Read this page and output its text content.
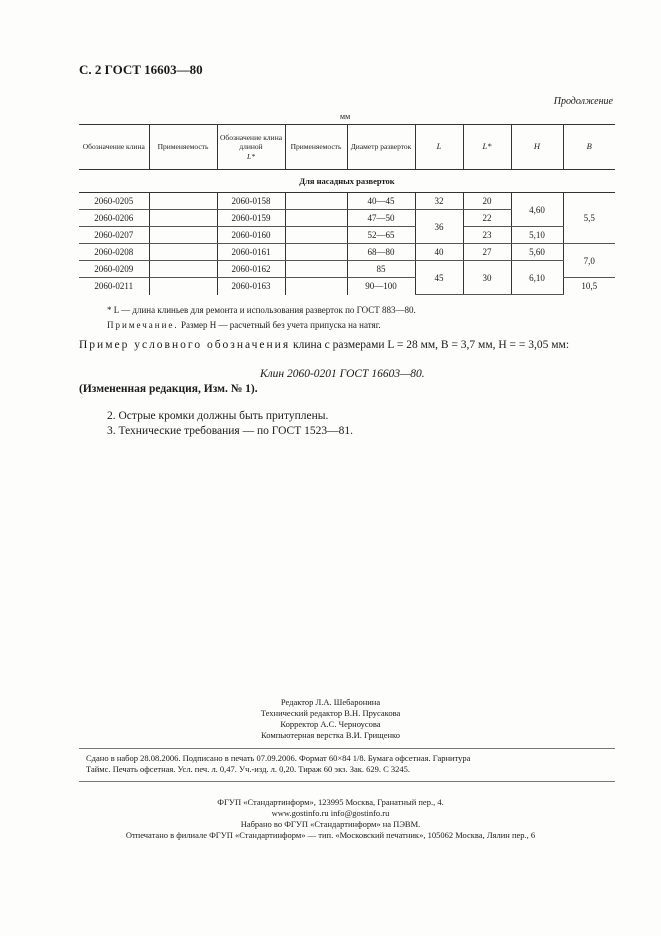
С. 2 ГОСТ 16603—80
Продолжение
мм
Обозначение клина	Применяемость	Обозначение клина длиной
L*	Применяемость	Диаметр разверток	L	L*	H	B
Для насадных разверток								
2060-0205		2060-0158		40—45	32	20	4,60	5,5
2060-0206		2060-0159		47—50	36	22		
2060-0207		2060-0160		52—65		23	5,10	
2060-0208		2060-0161		68—80	40	27	5,60	7,0
2060-0209		2060-0162		85	45	30	6,10	
2060-0211		2060-0163		90—100				10,5
* L — длина клиньев для ремонта и использования разверток по ГОСТ 883—80.
Примечание. Размер H — расчетный без учета припуска на натяг.
Пример условного обозначения клина с размерами L = 28 мм, B = 3,7 мм, H = = 3,05 мм:
Клин 2060-0201 ГОСТ 16603—80.
(Измененная редакция, Изм. № 1).
2. Острые кромки должны быть притуплены.
3. Технические требования — по ГОСТ 1523—81.
Редактор Л.А. Шебаронина
Технический редактор В.Н. Прусакова
Корректор А.С. Черноусова
Компьютерная верстка В.И. Грищенко
Сдано в набор 28.08.2006. Подписано в печать 07.09.2006. Формат 60×84 1/8. Бумага офсетная. Гарнитура
Таймс. Печать офсетная. Усл. печ. л. 0,47. Уч.-изд. л. 0,20. Тираж 60 экз. Зак. 629. С 3245.
ФГУП «Стандартинформ», 123995 Москва, Гранатный пер., 4.
www.gostinfo.ru info@gostinfo.ru
Набрано во ФГУП «Стандартинформ» на ПЭВМ.
Отпечатано в филиале ФГУП «Стандартинформ» — тип. «Московский печатник», 105062 Москва, Лялин пер., 6
